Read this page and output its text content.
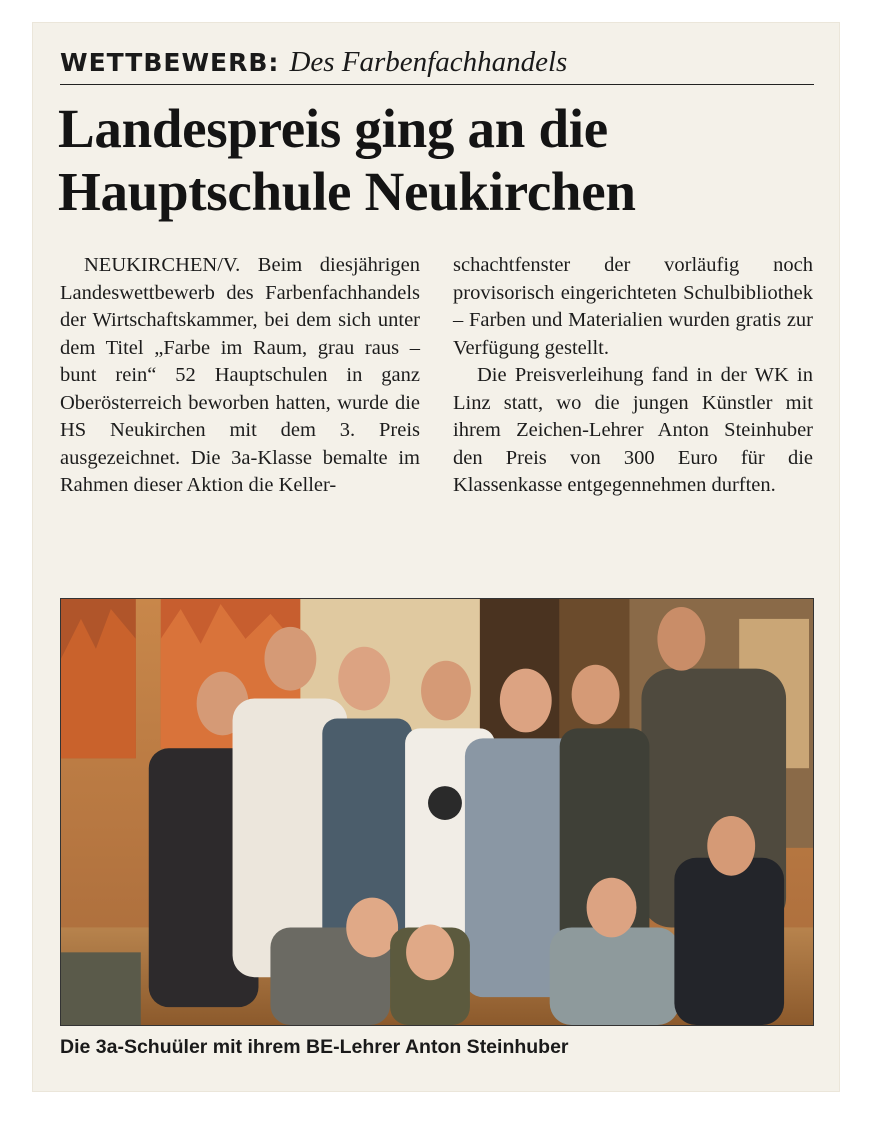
WETTBEWERB: Des Farbenfachhandels
Landespreis ging an die
Hauptschule Neukirchen

NEUKIRCHEN/V. Beim diesjährigen Landeswettbewerb des Farbenfachhandels der Wirtschaftskammer, bei dem sich unter dem Titel „Farbe im Raum, grau raus – bunt rein“ 52 Hauptschulen in ganz Oberösterreich beworben hatten, wurde die HS Neukirchen mit dem 3. Preis ausgezeichnet. Die 3a-Klasse bemalte im Rahmen dieser Aktion die Keller-

schachtfenster der vorläufig noch provisorisch eingerichteten Schulbibliothek – Farben und Materialien wurden gratis zur Verfügung gestellt.

Die Preisverleihung fand in der WK in Linz statt, wo die jungen Künstler mit ihrem Zeichen-Lehrer Anton Steinhuber den Preis von 300 Euro für die Klassenkasse entgegennehmen durften.

Die 3a-Schuüler mit ihrem BE-Lehrer Anton Steinhuber
